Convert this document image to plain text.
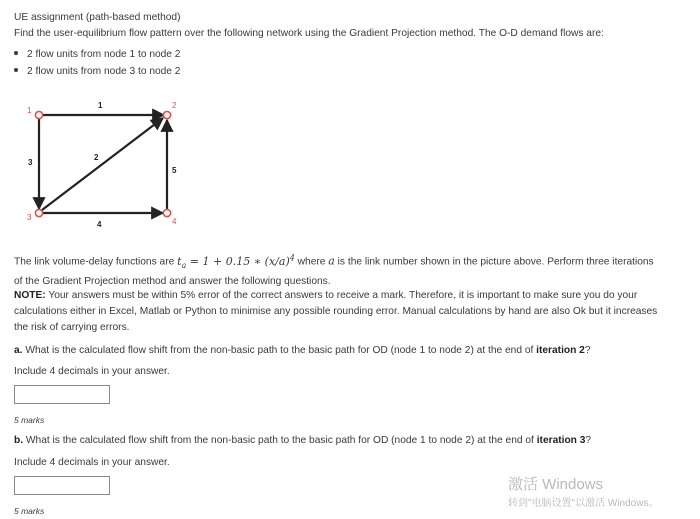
UE assignment (path-based method)
Find the user-equilibrium flow pattern over the following network using the Gradient Projection method. The O-D demand flows are:
2 flow units from node 1 to node 2
2 flow units from node 3 to node 2
1
2
3	4
1
2
3
4
5
The link volume-delay functions are $t_a = 1 + 0.15$ ∗ $(x/a)^4$ where a is the link number shown in the picture above. Perform three iterations
of the Gradient Projection method and answer the following questions.
NOTE: Your answers must be within 5% error of the correct answers to receive a mark. Therefore, it is important to make sure you do your
calculations either in Excel, Matlab or Python to minimise any possible rounding error. Manual calculations by hand are also Ok but it increases
the risk of carrying errors.
a. What is the calculated flow shift from the non-basic path to the basic path for OD (node 1 to node 2) at the end of iteration 2?
Include 4 decimals in your answer.
5 marks
b. What is the calculated flow shift from the non-basic path to the basic path for OD (node 1 to node 2) at the end of iteration 3?
Include 4 decimals in your answer.
5 marks
激活 Windows
转到"电脑设置"以激活 Windows。
